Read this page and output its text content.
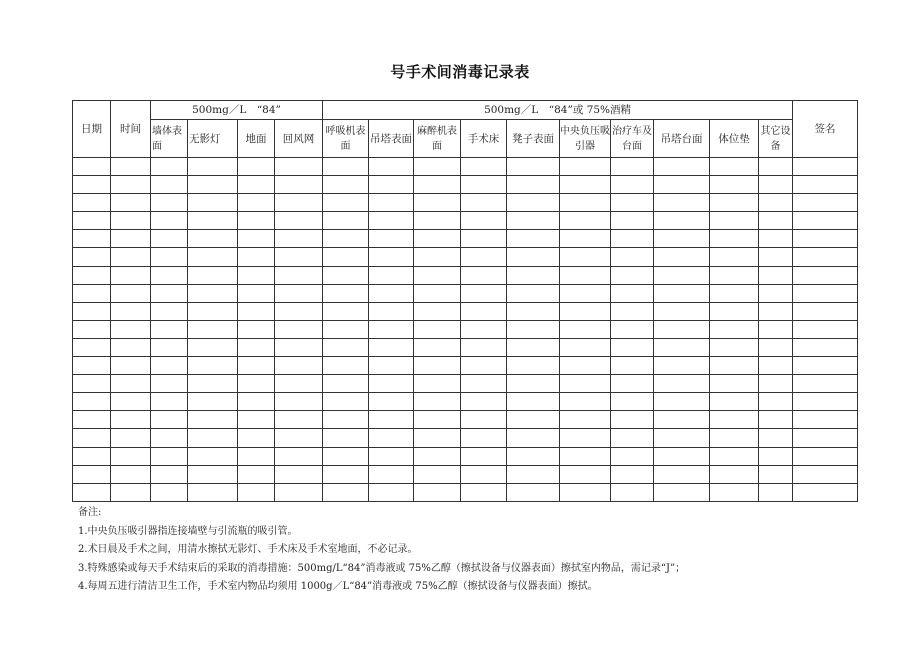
号手术间消毒记录表
日期	时间	500mg／L　“84”				500mg／L　“84”或 75%酒精										签名
		墙体表面	无影灯	地面	回风网	呼吸机表面	吊塔表面	麻醉机表面	手术床	凳子表面	中央负压吸引器	治疗车及台面	吊塔台面	体位垫	其它设备	

备注:
1.中央负压吸引器指连接墙壁与引流瓶的吸引管。
2.术日晨及手术之间，用清水擦拭无影灯、手术床及手术室地面，不必记录。
3.特殊感染或每天手术结束后的采取的消毒措施：500mg/L“84”消毒液或 75%乙醇（擦拭设备与仪器表面）擦拭室内物品，需记录“J”；
4.每周五进行清洁卫生工作，手术室内物品均须用 1000g／L“84”消毒液或 75%乙醇（擦拭设备与仪器表面）擦拭。
